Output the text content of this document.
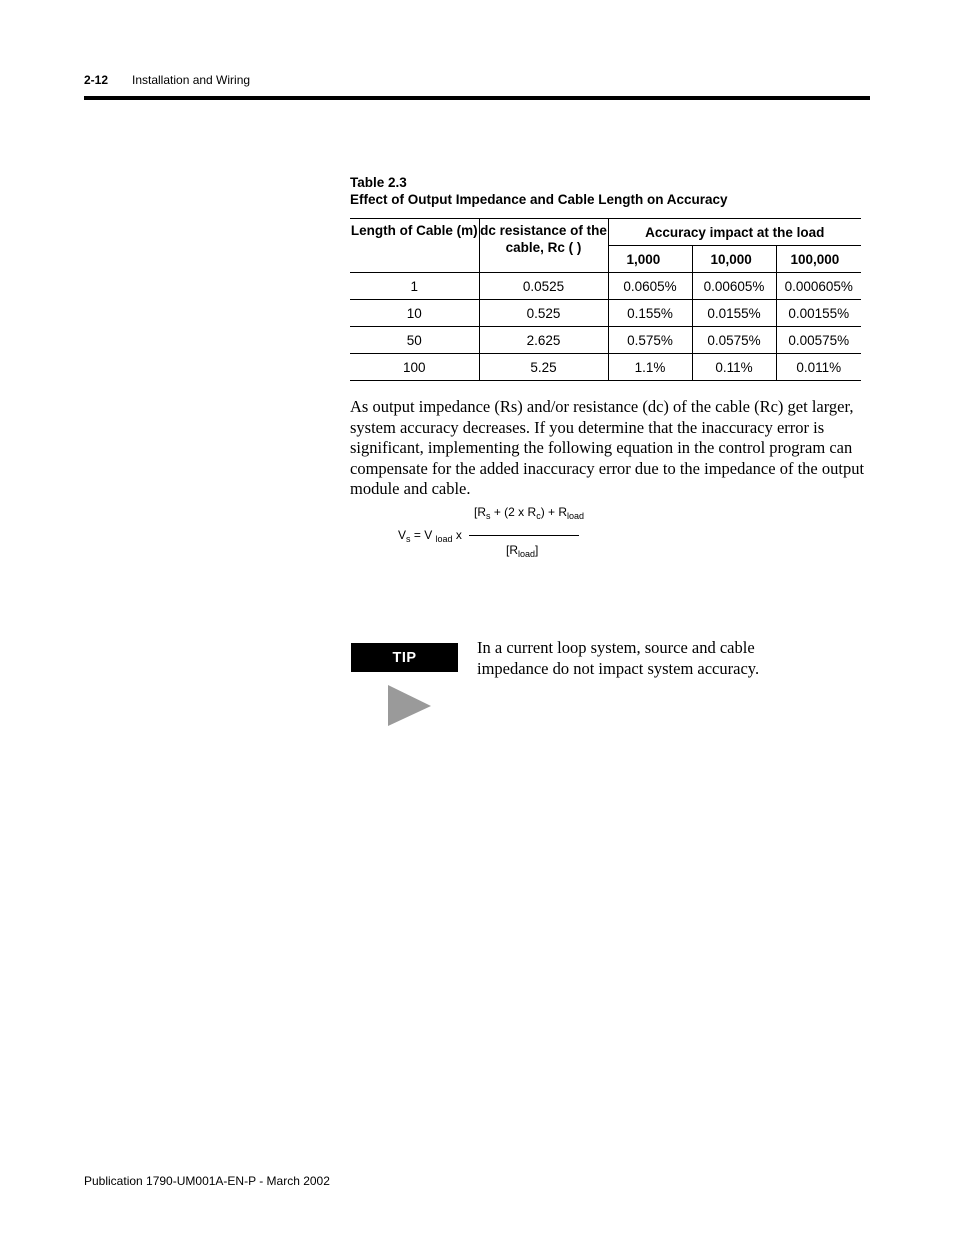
2-12 Installation and Wiring
Table 2.3
Effect of Output Impedance and Cable Length on Accuracy
Length of Cable (m)	dc resistance of the cable, Rc ( )	Accuracy impact at the load		
		1,000	10,000	100,000
1	0.0525	0.0605%	0.00605%	0.000605%
10	0.525	0.155%	0.0155%	0.00155%
50	2.625	0.575%	0.0575%	0.00575%
100	5.25	1.1%	0.11%	0.011%
As output impedance (Rs) and/or resistance (dc) of the cable (Rc) get larger, system accuracy decreases. If you determine that the inaccuracy error is significant, implementing the following equation in the control program can compensate for the added inaccuracy error due to the impedance of the output module and cable.
[$R_s + (2$ x $R_c) + R_{load}$
$V_s = V$ $_{load}$ x
$[R_{load}]$
TIP
In a current loop system, source and cable impedance do not impact system accuracy.
Publication 1790-UM001A-EN-P - March 2002
